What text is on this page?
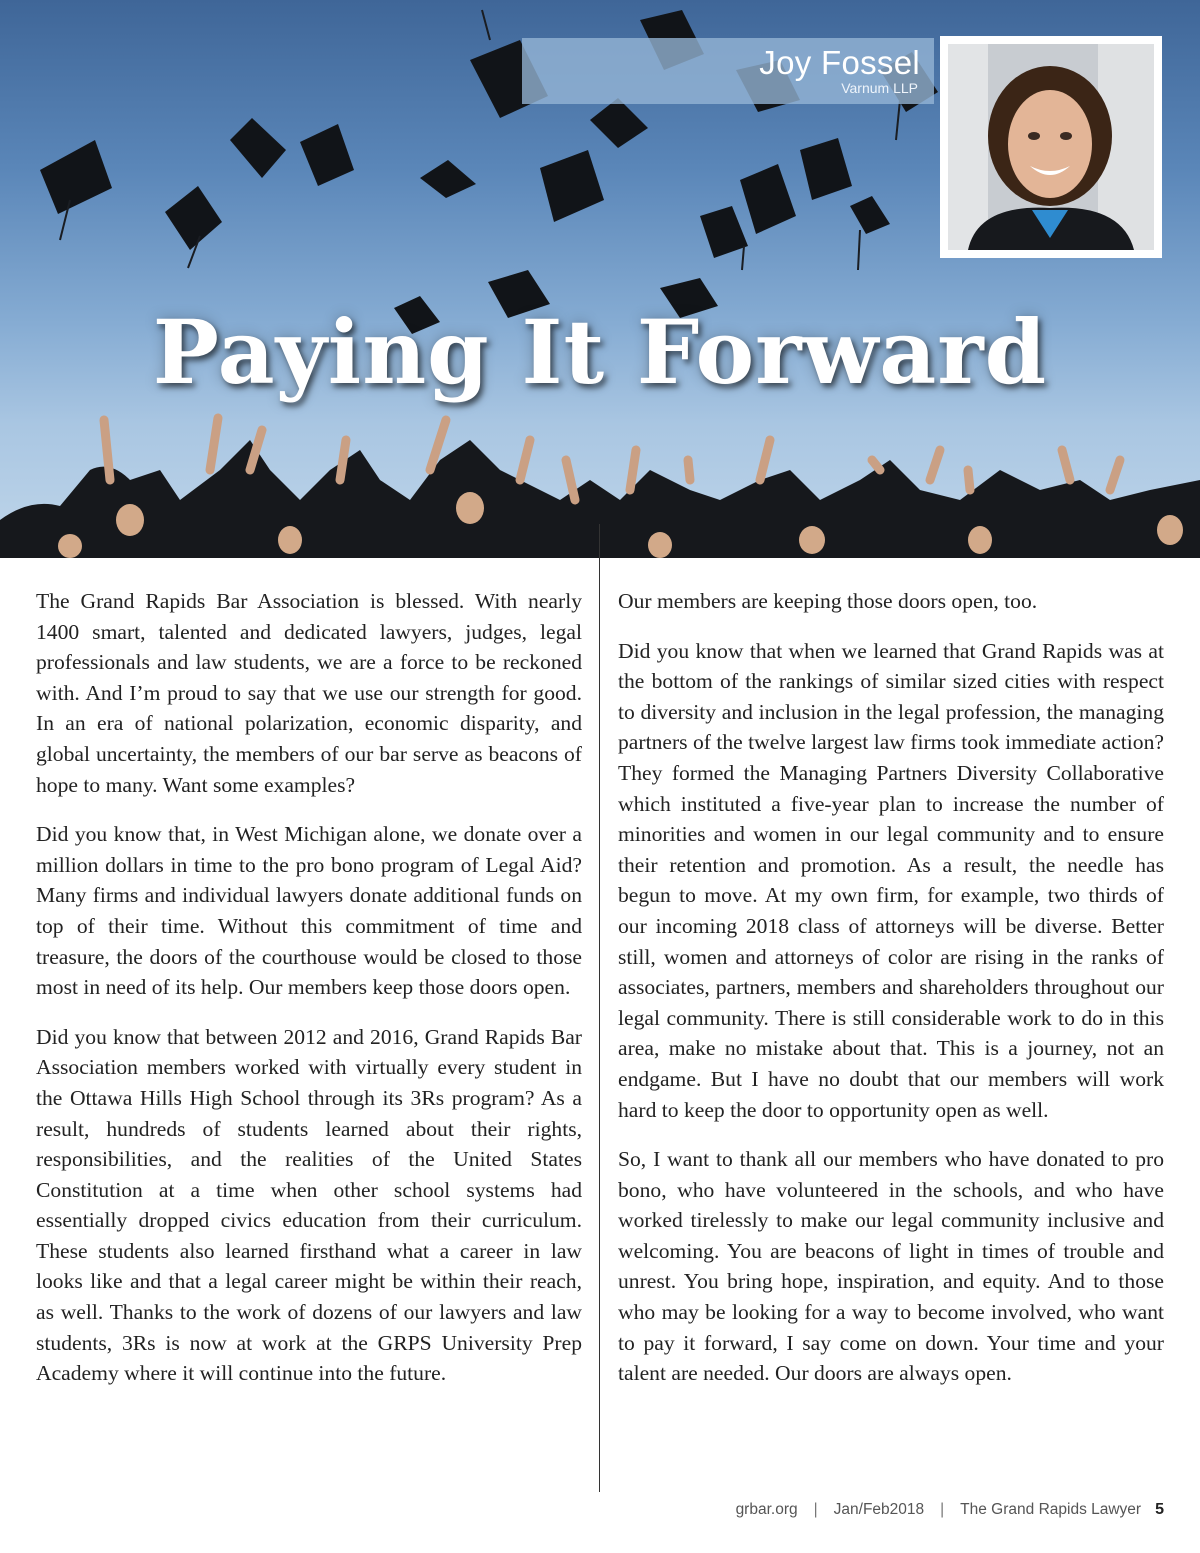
Joy Fossel
Varnum LLP
Paying It Forward

The Grand Rapids Bar Association is blessed. With nearly 1400 smart, talented and dedicated lawyers, judges, legal professionals and law students, we are a force to be reckoned with. And I’m proud to say that we use our strength for good. In an era of national polarization, economic disparity, and global uncertainty, the members of our bar serve as beacons of hope to many. Want some examples?

Did you know that, in West Michigan alone, we donate over a million dollars in time to the pro bono program of Legal Aid? Many firms and individual lawyers donate additional funds on top of their time. Without this commitment of time and treasure, the doors of the courthouse would be closed to those most in need of its help. Our members keep those doors open.

Did you know that between 2012 and 2016, Grand Rapids Bar Association members worked with virtually every student in the Ottawa Hills High School through its 3Rs program? As a result, hundreds of students learned about their rights, responsibilities, and the realities of the United States Constitution at a time when other school systems had essentially dropped civics education from their curriculum. These students also learned firsthand what a career in law looks like and that a legal career might be within their reach, as well. Thanks to the work of dozens of our lawyers and law students, 3Rs is now at work at the GRPS University Prep Academy where it will continue into the future.

Our members are keeping those doors open, too.

Did you know that when we learned that Grand Rapids was at the bottom of the rankings of similar sized cities with respect to diversity and inclusion in the legal profession, the managing partners of the twelve largest law firms took immediate action? They formed the Managing Partners Diversity Collaborative which instituted a five-year plan to increase the number of minorities and women in our legal community and to ensure their retention and promotion. As a result, the needle has begun to move. At my own firm, for example, two thirds of our incoming 2018 class of attorneys will be diverse. Better still, women and attorneys of color are rising in the ranks of associates, partners, members and shareholders throughout our legal community. There is still considerable work to do in this area, make no mistake about that. This is a journey, not an endgame. But I have no doubt that our members will work hard to keep the door to opportunity open as well.

So, I want to thank all our members who have donated to pro bono, who have volunteered in the schools, and who have worked tirelessly to make our legal community inclusive and welcoming. You are beacons of light in times of trouble and unrest. You bring hope, inspiration, and equity. And to those who may be looking for a way to become involved, who want to pay it forward, I say come on down. Your time and your talent are needed. Our doors are always open.

grbar.org | Jan/Feb2018 | The Grand Rapids Lawyer 5
